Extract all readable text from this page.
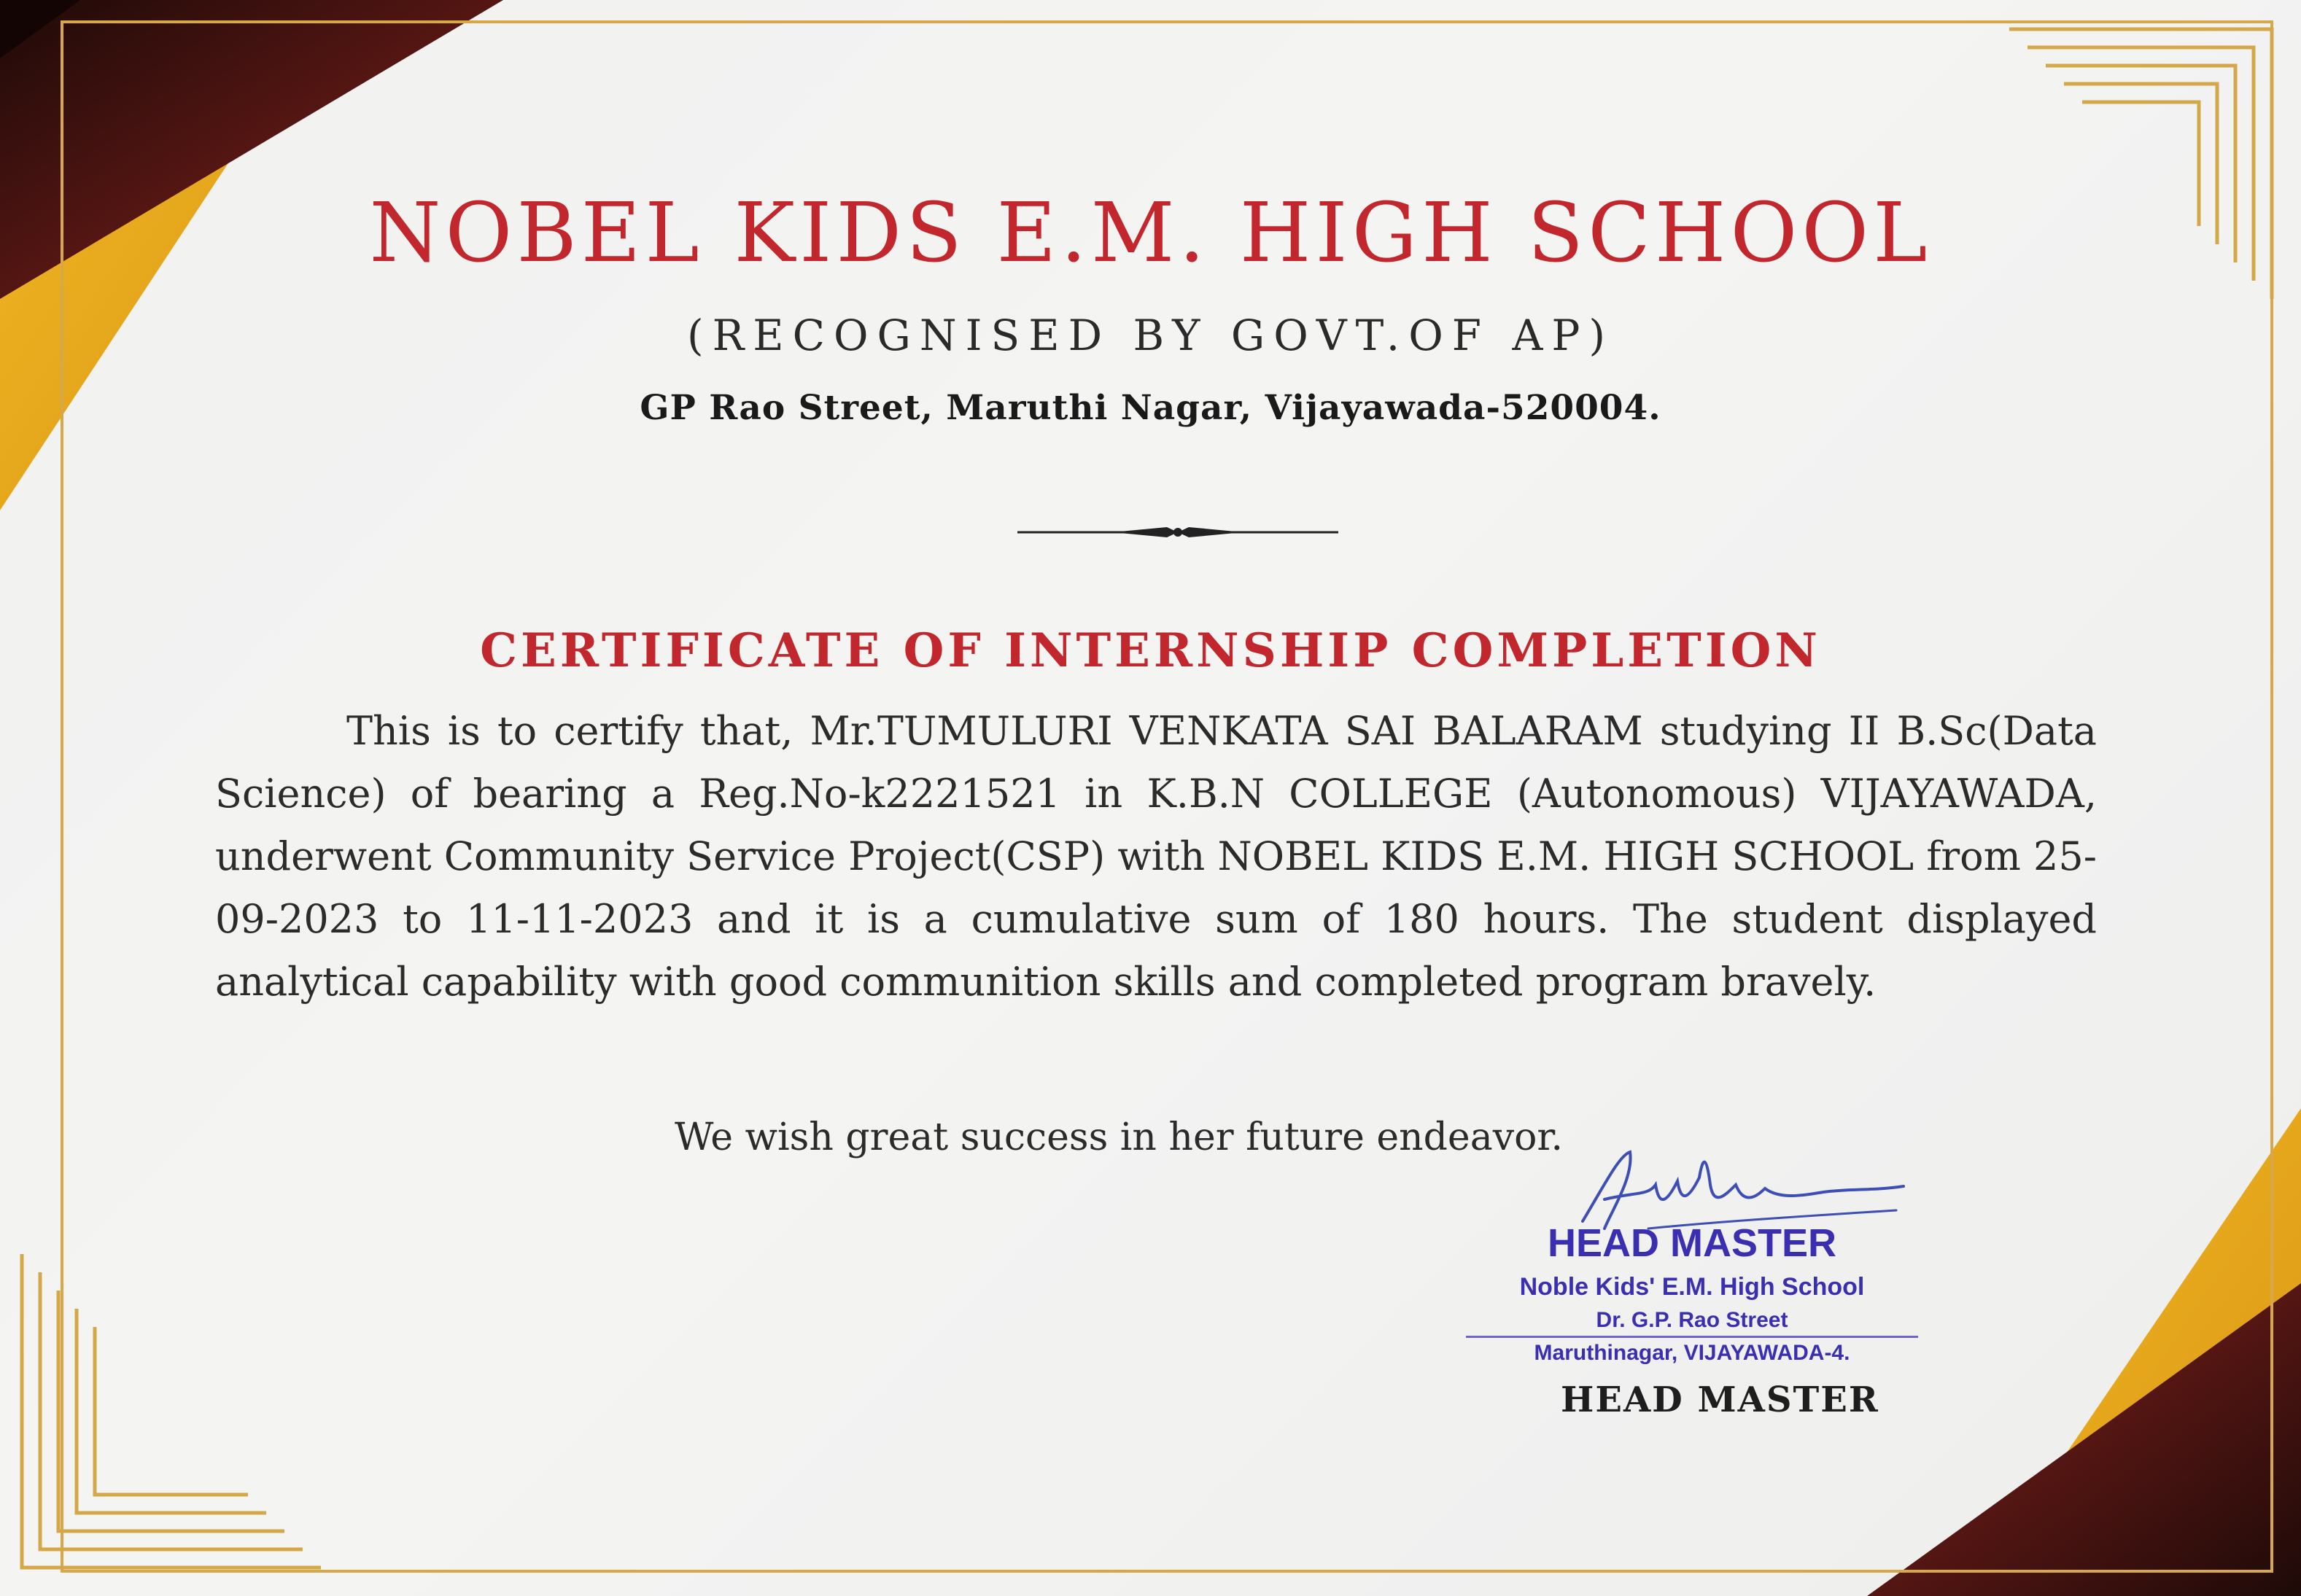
NOBEL KIDS E.M. HIGH SCHOOL
(RECOGNISED BY GOVT.OF AP)
GP Rao Street, Maruthi Nagar, Vijayawada-520004.
CERTIFICATE OF INTERNSHIP COMPLETION

This is to certify that, Mr.TUMULURI VENKATA SAI BALARAM studying II B.Sc(Data Science) of bearing a Reg.No-k2221521 in K.B.N COLLEGE (Autonomous) VIJAYAWADA, underwent Community Service Project(CSP) with NOBEL KIDS E.M. HIGH SCHOOL from 25-09-2023 to 11-11-2023 and it is a cumulative sum of 180 hours. The student displayed analytical capability with good communition skills and completed program bravely.

We wish great success in her future endeavor.
HEAD MASTER
Noble Kids' E.M. High School
Dr. G.P. Rao Street
Maruthinagar, VIJAYAWADA-4.
HEAD MASTER
